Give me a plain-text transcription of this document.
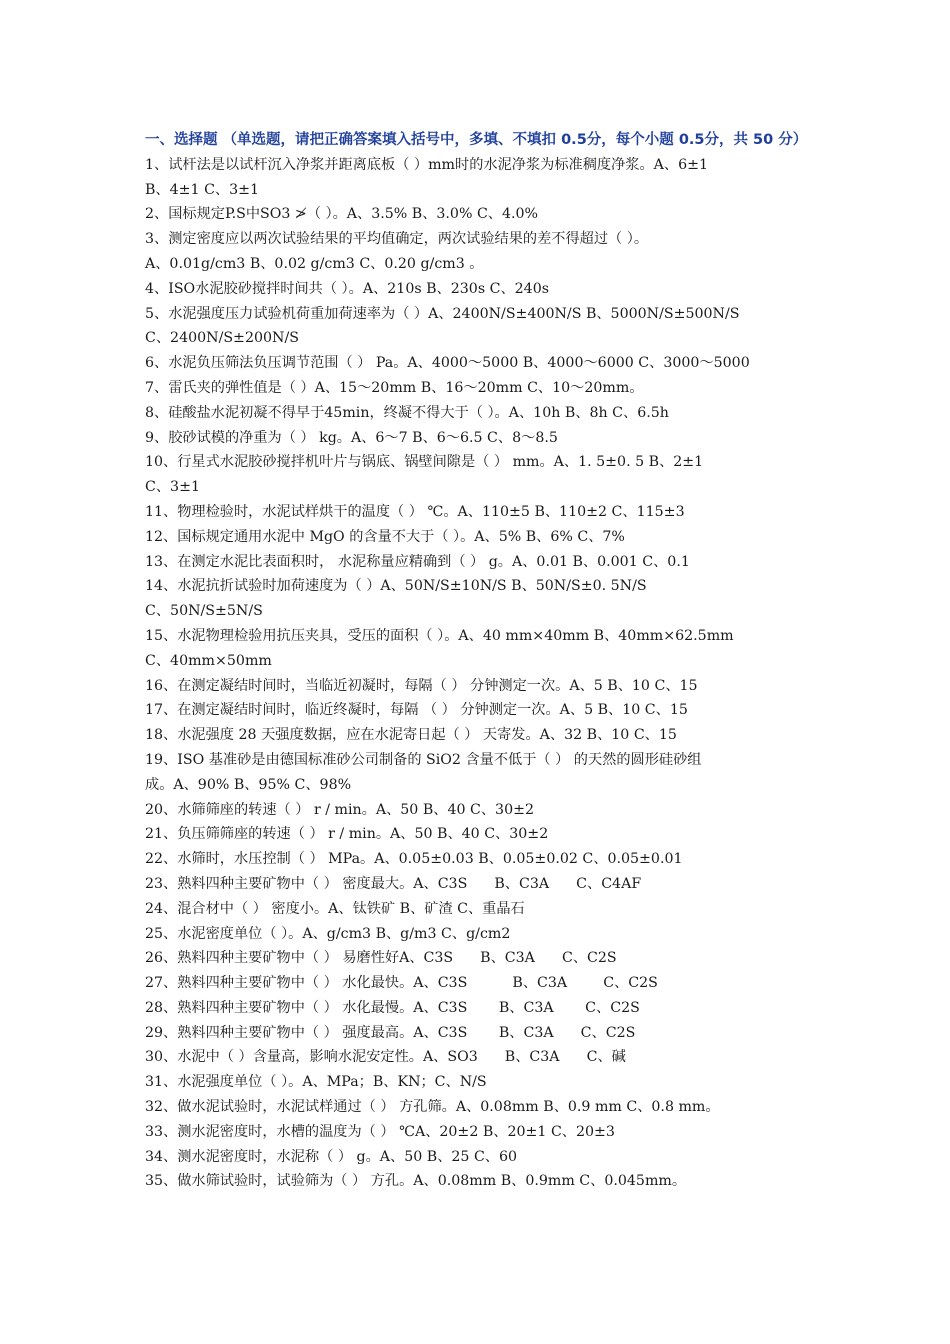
一、选择题 （单选题，请把正确答案填入括号中，多填、不填扣 0.5分，每个小题 0.5分，共 50 分）

1、试杆法是以试杆沉入净浆并距离底板（ ）mm时的水泥净浆为标准稠度净浆。A、6±1
B、4±1 C、3±1
2、国标规定P.S中SO3 ≯（ ）。A、3.5% B、3.0% C、4.0%
3、测定密度应以两次试验结果的平均值确定，两次试验结果的差不得超过（ ）。
A、0.01g/cm3 B、0.02 g/cm3 C、0.20 g/cm3 。
4、ISO水泥胶砂搅拌时间共（ ）。A、210s B、230s C、240s
5、水泥强度压力试验机荷重加荷速率为（ ）A、2400N/S±400N/S B、5000N/S±500N/S
C、2400N/S±200N/S
6、水泥负压筛法负压调节范围（ ） Pa。A、4000～5000 B、4000～6000 C、3000～5000
7、雷氏夹的弹性值是（ ）A、15～20mm B、16～20mm C、10～20mm。
8、硅酸盐水泥初凝不得早于45min，终凝不得大于（ ）。A、10h B、8h C、6.5h
9、胶砂试模的净重为（ ） kg。A、6～7 B、6～6.5 C、8～8.5
10、行星式水泥胶砂搅拌机叶片与锅底、锅壁间隙是（ ） mm。A、1. 5±0. 5 B、2±1
C、3±1
11、物理检验时，水泥试样烘干的温度（ ） ℃。A、110±5 B、110±2 C、115±3
12、国标规定通用水泥中 MgO 的含量不大于（ ）。A、5% B、6% C、7%
13、在测定水泥比表面积时， 水泥称量应精确到（ ） g。A、0.01 B、0.001 C、0.1
14、水泥抗折试验时加荷速度为（ ）A、50N/S±10N/S B、50N/S±0. 5N/S
C、50N/S±5N/S
15、水泥物理检验用抗压夹具，受压的面积（ ）。A、40 mm×40mm B、40mm×62.5mm
C、40mm×50mm
16、在测定凝结时间时，当临近初凝时，每隔（ ） 分钟测定一次。A、5 B、10 C、15
17、在测定凝结时间时，临近终凝时，每隔 （ ） 分钟测定一次。A、5 B、10 C、15
18、水泥强度 28 天强度数据，应在水泥寄日起（ ） 天寄发。A、32 B、10 C、15
19、ISO 基准砂是由德国标准砂公司制备的 SiO2 含量不低于（ ） 的天然的圆形硅砂组
成。A、90% B、95% C、98%
20、水筛筛座的转速（ ） r / min。A、50 B、40 C、30±2
21、负压筛筛座的转速（ ） r / min。A、50 B、40 C、30±2
22、水筛时，水压控制（ ） MPa。A、0.05±0.03 B、0.05±0.02 C、0.05±0.01
23、熟料四种主要矿物中（ ） 密度最大。A、C3S      B、C3A      C、C4AF
24、混合材中（ ） 密度小。A、钛铁矿 B、矿渣 C、重晶石
25、水泥密度单位（ ）。A、g/cm3 B、g/m3 C、g/cm2
26、熟料四种主要矿物中（ ） 易磨性好A、C3S      B、C3A      C、C2S
27、熟料四种主要矿物中（ ） 水化最快。A、C3S          B、C3A        C、C2S
28、熟料四种主要矿物中（ ） 水化最慢。A、C3S       B、C3A       C、C2S
29、熟料四种主要矿物中（ ） 强度最高。A、C3S       B、C3A      C、C2S
30、水泥中（ ）含量高，影响水泥安定性。A、SO3      B、C3A      C、碱
31、水泥强度单位（ ）。A、MPa；B、KN；C、N/S
32、做水泥试验时，水泥试样通过（ ） 方孔筛。A、0.08mm B、0.9 mm C、0.8 mm。
33、测水泥密度时，水槽的温度为（ ） ℃A、20±2 B、20±1 C、20±3
34、测水泥密度时，水泥称（ ） g。A、50 B、25 C、60
35、做水筛试验时，试验筛为（ ） 方孔。A、0.08mm B、0.9mm C、0.045mm。
